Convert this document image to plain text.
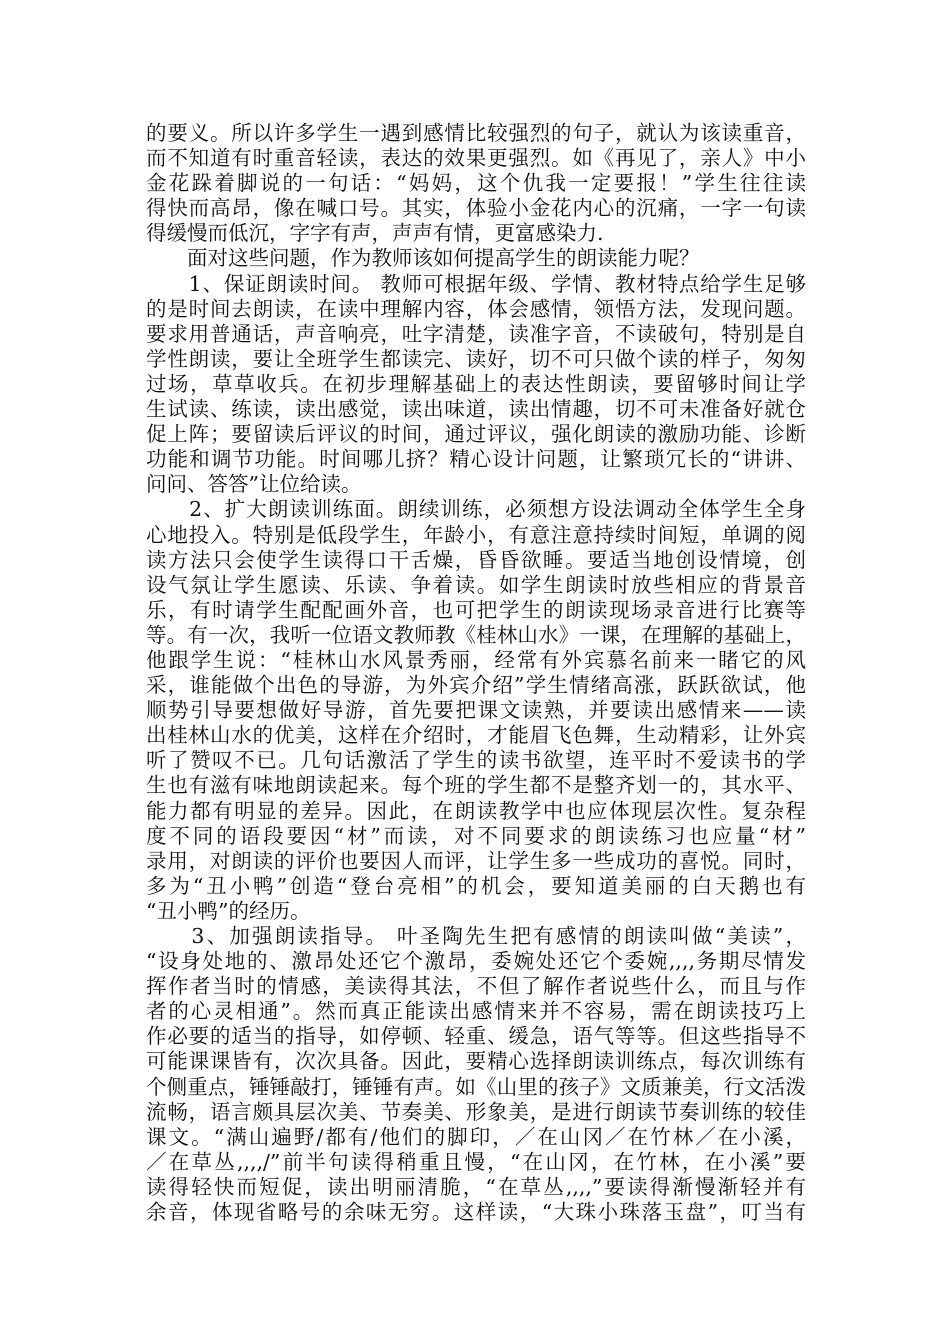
的要义。所以许多学生一遇到感情比较强烈的句子，就认为该读重音，
而不知道有时重音轻读，表达的效果更强烈。如《再见了，亲人》中小
金花跺着脚说的一句话：“妈妈，这个仇我一定要报！”学生往往读
得快而高昂，像在喊口号。其实，体验小金花内心的沉痛，一字一句读
得缓慢而低沉，字字有声，声声有情，更富感染力.
　　面对这些问题，作为教师该如何提高学生的朗读能力呢？
　　1、保证朗读时间。 教师可根据年级、学情、教材特点给学生足够
的是时间去朗读，在读中理解内容，体会感情，领悟方法，发现问题。
要求用普通话，声音响亮，吐字清楚，读准字音，不读破句，特别是自
学性朗读，要让全班学生都读完、读好，切不可只做个读的样子，匆匆
过场，草草收兵。在初步理解基础上的表达性朗读，要留够时间让学
生试读、练读，读出感觉，读出味道，读出情趣，切不可未准备好就仓
促上阵；要留读后评议的时间，通过评议，强化朗读的激励功能、诊断
功能和调节功能。时间哪儿挤？精心设计问题，让繁琐冗长的“讲讲、
问问、答答”让位给读。
　　2、扩大朗读训练面。朗续训练，必须想方设法调动全体学生全身
心地投入。特别是低段学生，年龄小，有意注意持续时间短，单调的阅
读方法只会使学生读得口干舌燥，昏昏欲睡。要适当地创设情境，创
设气氛让学生愿读、乐读、争着读。如学生朗读时放些相应的背景音
乐，有时请学生配配画外音，也可把学生的朗读现场录音进行比赛等
等。有一次，我听一位语文教师教《桂林山水》一课，在理解的基础上，
他跟学生说：“桂林山水风景秀丽，经常有外宾慕名前来一睹它的风
采，谁能做个出色的导游，为外宾介绍”学生情绪高涨，跃跃欲试，他
顺势引导要想做好导游，首先要把课文读熟，并要读出感情来——读
出桂林山水的优美，这样在介绍时，才能眉飞色舞，生动精彩，让外宾
听了赞叹不已。几句话激活了学生的读书欲望，连平时不爱读书的学
生也有滋有味地朗读起来。每个班的学生都不是整齐划一的，其水平、
能力都有明显的差异。因此，在朗读教学中也应体现层次性。复杂程
度不同的语段要因“材”而读，对不同要求的朗读练习也应量“材”
录用，对朗读的评价也要因人而评，让学生多一些成功的喜悦。同时，
多为“丑小鸭”创造“登台亮相”的机会，要知道美丽的白天鹅也有
“丑小鸭”的经历。
　　3、加强朗读指导。 叶圣陶先生把有感情的朗读叫做“美读”，
“设身处地的、激昂处还它个激昂，委婉处还它个委婉,,,,务期尽情发
挥作者当时的情感，美读得其法，不但了解作者说些什么，而且与作
者的心灵相通”。然而真正能读出感情来并不容易，需在朗读技巧上
作必要的适当的指导，如停顿、轻重、缓急，语气等等。但这些指导不
可能课课皆有，次次具备。因此，要精心选择朗读训练点，每次训练有
个侧重点，锤锤敲打，锤锤有声。如《山里的孩子》文质兼美，行文活泼
流畅，语言颇具层次美、节奏美、形象美，是进行朗读节奏训练的较佳
课文。“满山遍野/都有/他们的脚印，／在山冈／在竹林／在小溪，
／在草丛,,,,/”前半句读得稍重且慢，“在山冈，在竹林，在小溪”要
读得轻快而短促，读出明丽清脆，“在草丛,,,,”要读得渐慢渐轻并有
余音，体现省略号的余味无穷。这样读，“大珠小珠落玉盘”，叮当有
